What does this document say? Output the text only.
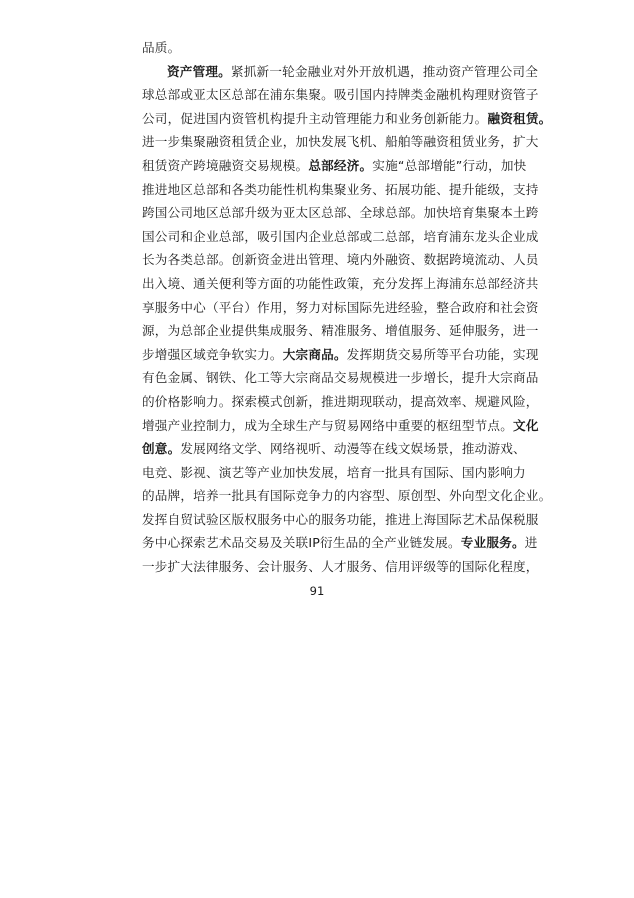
品质。
资产管理。紧抓新一轮金融业对外开放机遇，推动资产管理公司全
球总部或亚太区总部在浦东集聚。吸引国内持牌类金融机构理财资管子
公司，促进国内资管机构提升主动管理能力和业务创新能力。融资租赁。
进一步集聚融资租赁企业，加快发展飞机、船舶等融资租赁业务，扩大
租赁资产跨境融资交易规模。总部经济。实施“总部增能”行动，加快
推进地区总部和各类功能性机构集聚业务、拓展功能、提升能级，支持
跨国公司地区总部升级为亚太区总部、全球总部。加快培育集聚本土跨
国公司和企业总部，吸引国内企业总部或二总部，培育浦东龙头企业成
长为各类总部。创新资金进出管理、境内外融资、数据跨境流动、人员
出入境、通关便利等方面的功能性政策，充分发挥上海浦东总部经济共
享服务中心（平台）作用，努力对标国际先进经验，整合政府和社会资
源，为总部企业提供集成服务、精准服务、增值服务、延伸服务，进一
步增强区域竞争软实力。大宗商品。发挥期货交易所等平台功能，实现
有色金属、钢铁、化工等大宗商品交易规模进一步增长，提升大宗商品
的价格影响力。探索模式创新，推进期现联动，提高效率、规避风险，
增强产业控制力，成为全球生产与贸易网络中重要的枢纽型节点。文化
创意。发展网络文学、网络视听、动漫等在线文娱场景，推动游戏、
电竞、影视、演艺等产业加快发展，培育一批具有国际、国内影响力
的品牌，培养一批具有国际竞争力的内容型、原创型、外向型文化企业。
发挥自贸试验区版权服务中心的服务功能，推进上海国际艺术品保税服
务中心探索艺术品交易及关联IP衍生品的全产业链发展。专业服务。进
一步扩大法律服务、会计服务、人才服务、信用评级等的国际化程度，
91
